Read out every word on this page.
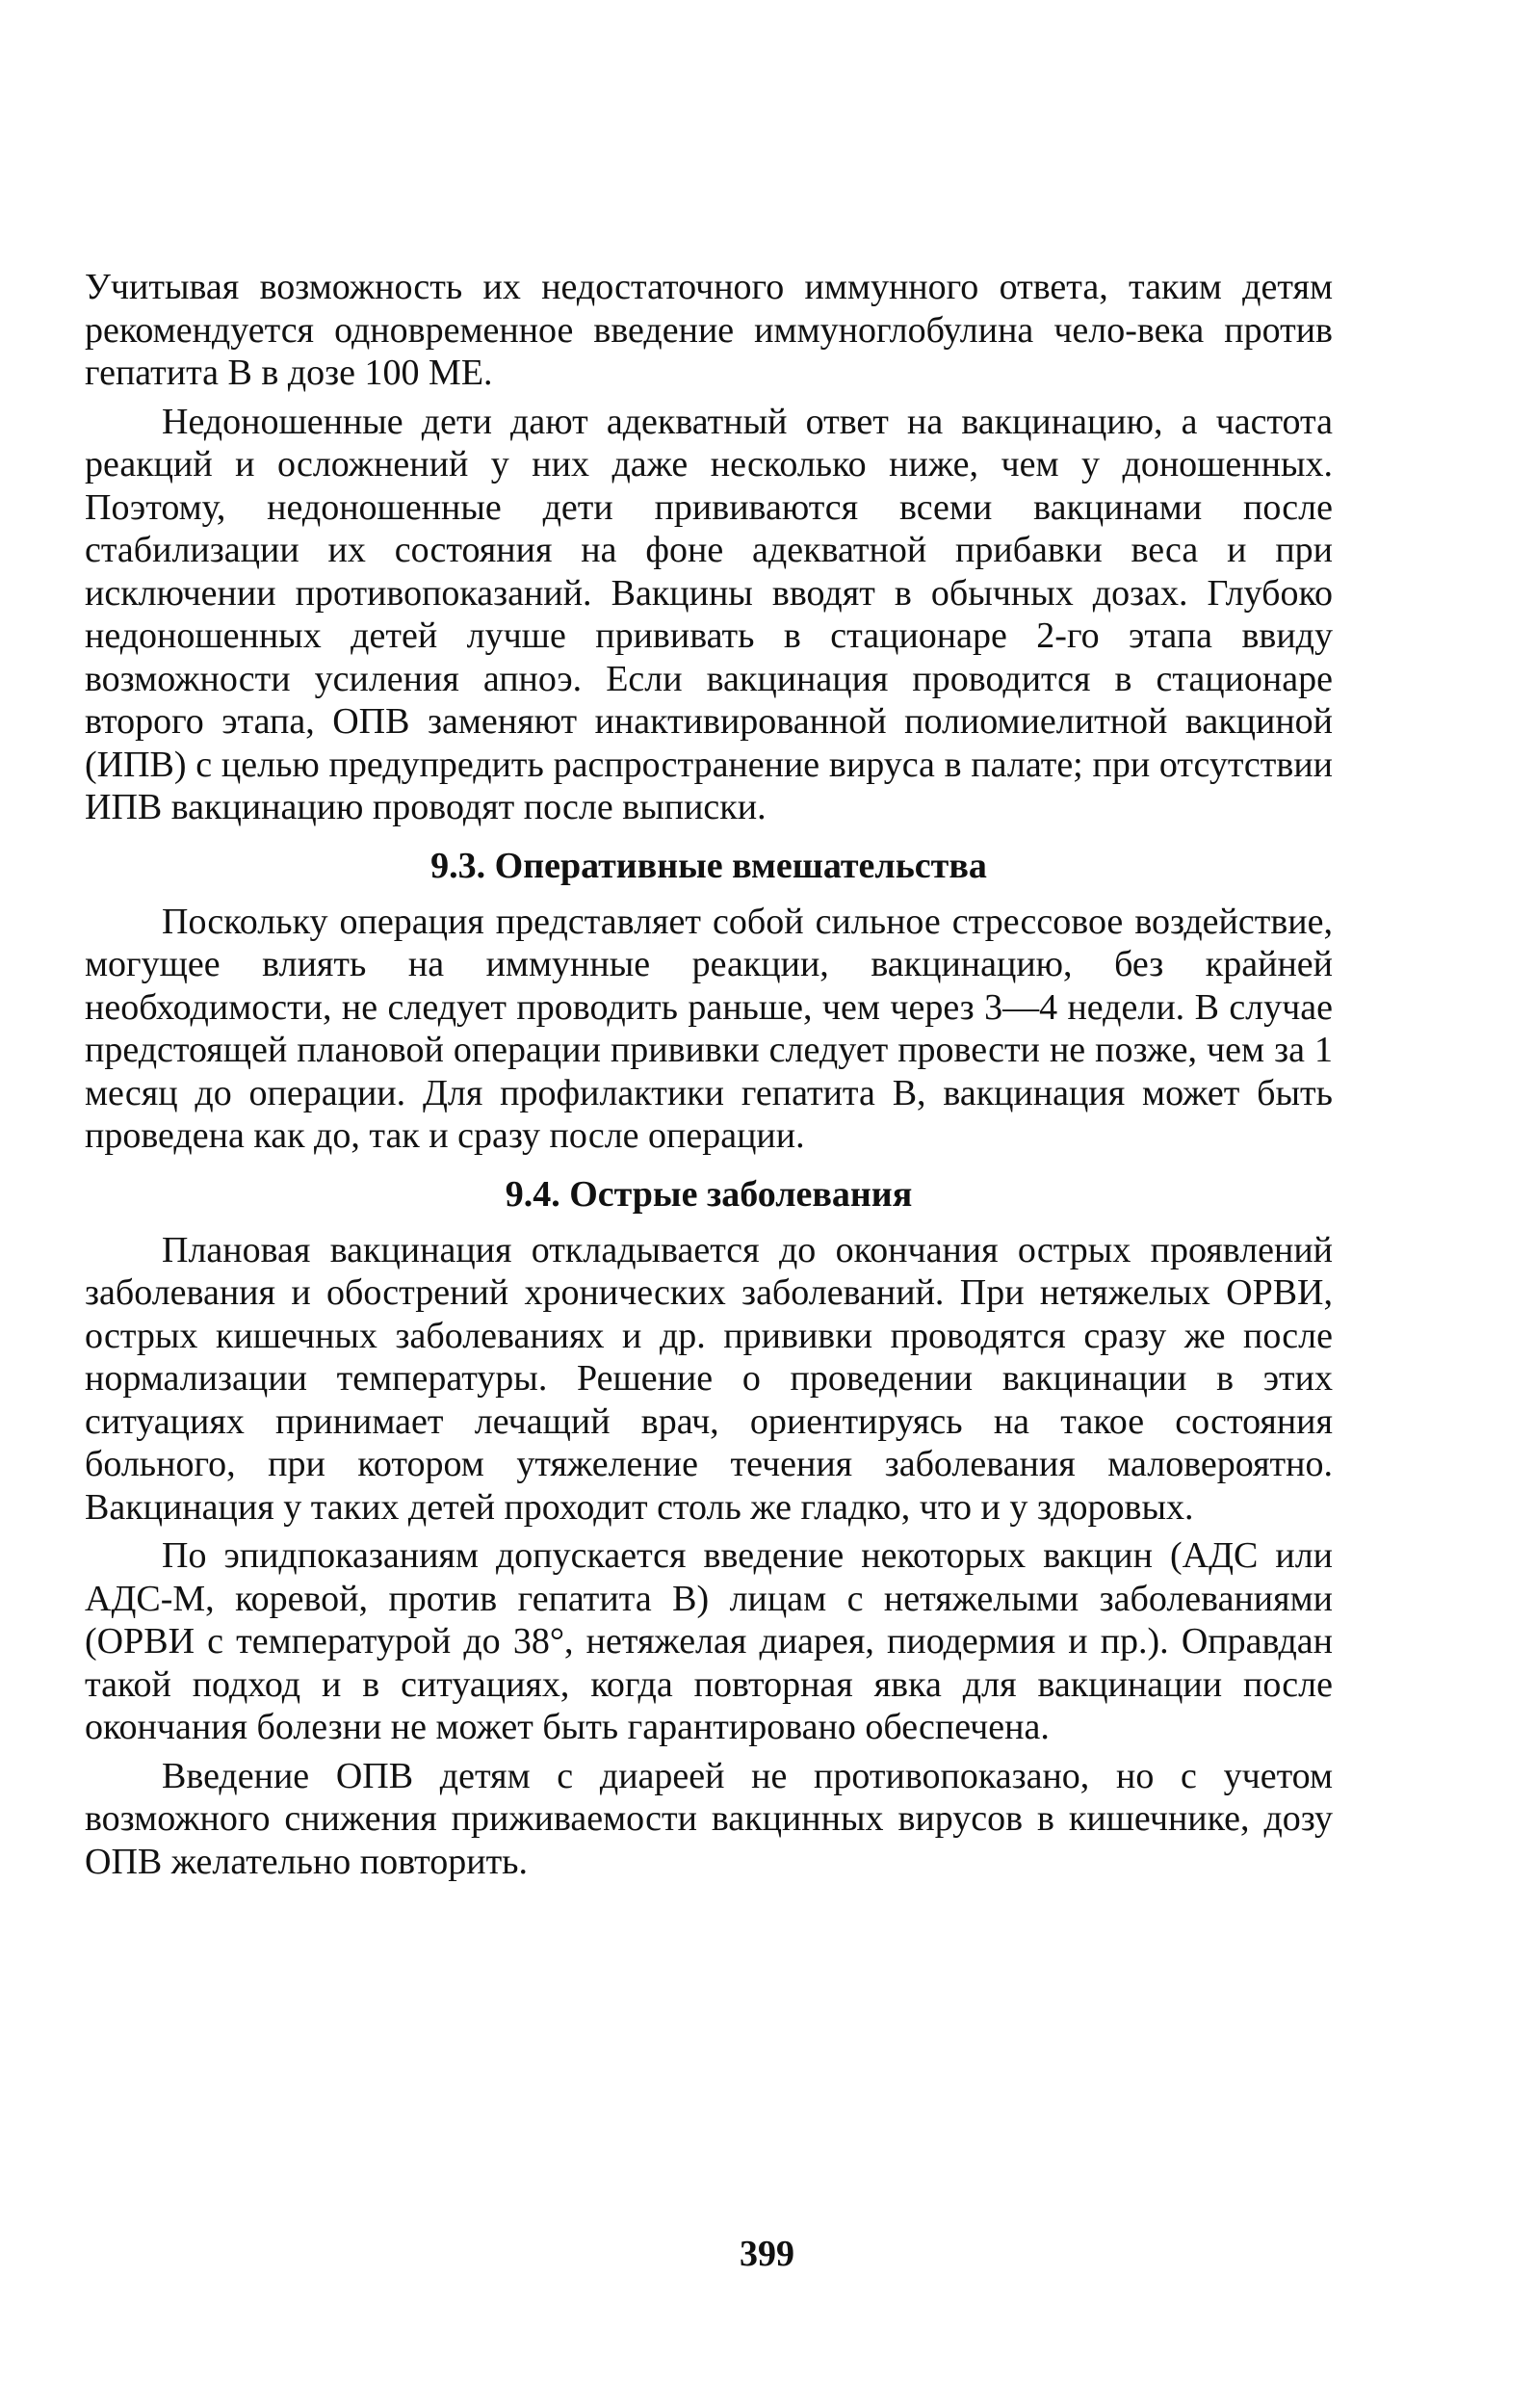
Учитывая возможность их недостаточного иммунного ответа, таким детям рекомендуется одновременное введение иммуноглобулина чело-века против гепатита В в дозе 100 МЕ.

Недоношенные дети дают адекватный ответ на вакцинацию, а частота реакций и осложнений у них даже несколько ниже, чем у доношенных. Поэтому, недоношенные дети прививаются всеми вакцинами после стабилизации их состояния на фоне адекватной прибавки веса и при исключении противопоказаний. Вакцины вводят в обычных дозах. Глубоко недоношенных детей лучше прививать в стационаре 2-го этапа ввиду возможности усиления апноэ. Если вакцинация проводится в стационаре второго этапа, ОПВ заменяют инактивированной полиомиелитной вакциной (ИПВ) с целью предупредить распространение вируса в палате; при отсутствии ИПВ вакцинацию проводят после выписки.

9.3. Оперативные вмешательства

Поскольку операция представляет собой сильное стрессовое воздействие, могущее влиять на иммунные реакции, вакцинацию, без крайней необходимости, не следует проводить раньше, чем через 3—4 недели. В случае предстоящей плановой операции прививки следует провести не позже, чем за 1 месяц до операции. Для профилактики гепатита В, вакцинация может быть проведена как до, так и сразу после операции.

9.4. Острые заболевания

Плановая вакцинация откладывается до окончания острых проявлений заболевания и обострений хронических заболеваний. При нетяжелых ОРВИ, острых кишечных заболеваниях и др. прививки проводятся сразу же после нормализации температуры. Решение о проведении вакцинации в этих ситуациях принимает лечащий врач, ориентируясь на такое состояния больного, при котором утяжеление течения заболевания маловероятно. Вакцинация у таких детей проходит столь же гладко, что и у здоровых.

По эпидпоказаниям допускается введение некоторых вакцин (АДС или АДС-М, коревой, против гепатита В) лицам с нетяжелыми заболеваниями (ОРВИ с температурой до 38°, нетяжелая диарея, пиодермия и пр.). Оправдан такой подход и в ситуациях, когда повторная явка для вакцинации после окончания болезни не может быть гарантировано обеспечена.

Введение ОПВ детям с диареей не противопоказано, но с учетом возможного снижения приживаемости вакцинных вирусов в кишечнике, дозу ОПВ желательно повторить.

399
